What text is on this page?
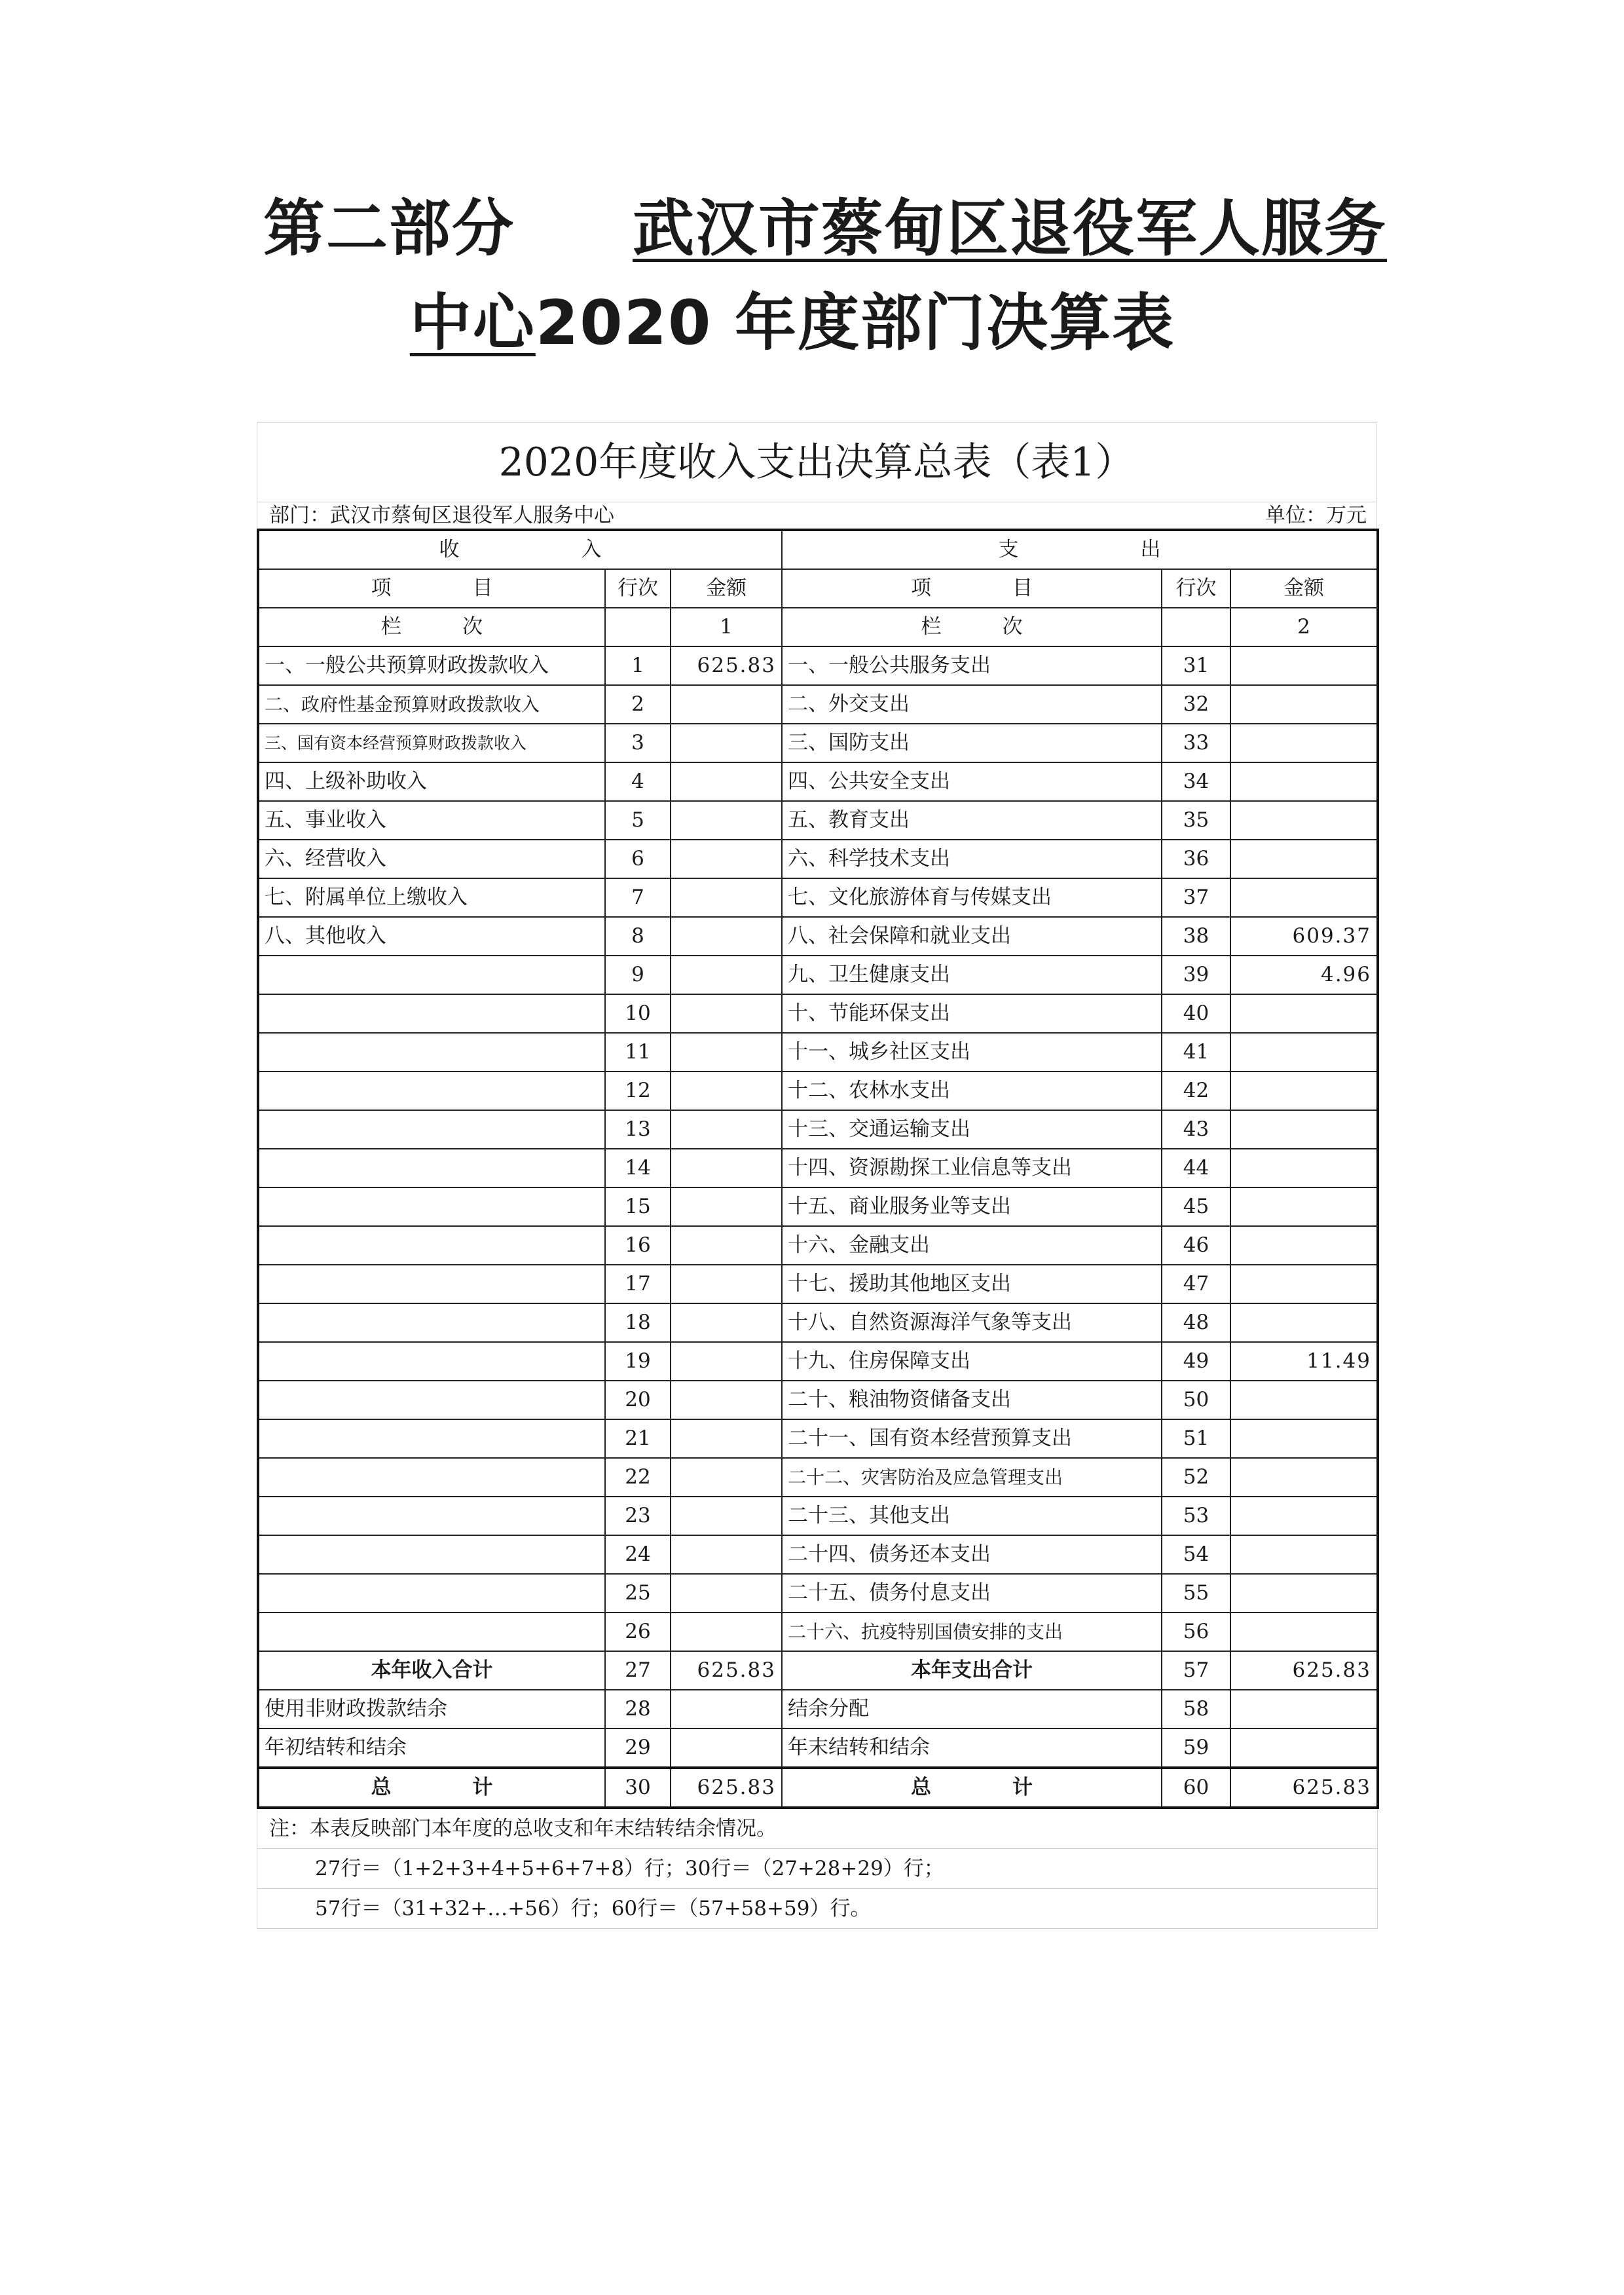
第二部分 武汉市蔡甸区退役军人服务
中心2020 年度部门决算表
2020年度收入支出决算总表（表1）
部门：武汉市蔡甸区退役军人服务中心	单位：万元
收　　　　　　入			支　　　　　　出		
项　　　　目	行次	金额	项　　　　目	行次	金额
栏　　　次		1	栏　　　次		2
一、一般公共预算财政拨款收入	1	625.83	一、一般公共服务支出	31	
二、政府性基金预算财政拨款收入	2		二、外交支出	32	
三、国有资本经营预算财政拨款收入	3		三、国防支出	33	
四、上级补助收入	4		四、公共安全支出	34	
五、事业收入	5		五、教育支出	35	
六、经营收入	6		六、科学技术支出	36	
七、附属单位上缴收入	7		七、文化旅游体育与传媒支出	37	
八、其他收入	8		八、社会保障和就业支出	38	609.37
	9		九、卫生健康支出	39	4.96
	10		十、节能环保支出	40	
	11		十一、城乡社区支出	41	
	12		十二、农林水支出	42	
	13		十三、交通运输支出	43	
	14		十四、资源勘探工业信息等支出	44	
	15		十五、商业服务业等支出	45	
	16		十六、金融支出	46	
	17		十七、援助其他地区支出	47	
	18		十八、自然资源海洋气象等支出	48	
	19		十九、住房保障支出	49	11.49
	20		二十、粮油物资储备支出	50	
	21		二十一、国有资本经营预算支出	51	
	22		二十二、灾害防治及应急管理支出	52	
	23		二十三、其他支出	53	
	24		二十四、债务还本支出	54	
	25		二十五、债务付息支出	55	
	26		二十六、抗疫特别国债安排的支出	56	
本年收入合计	27	625.83	本年支出合计	57	625.83
使用非财政拨款结余	28		结余分配	58	
年初结转和结余	29		年末结转和结余	59	
总　　　　计	30	625.83	总　　　　计	60	625.83
注：本表反映部门本年度的总收支和年末结转结余情况。
27行＝（1+2+3+4+5+6+7+8）行；30行＝（27+28+29）行；
57行＝（31+32+…+56）行；60行＝（57+58+59）行。
